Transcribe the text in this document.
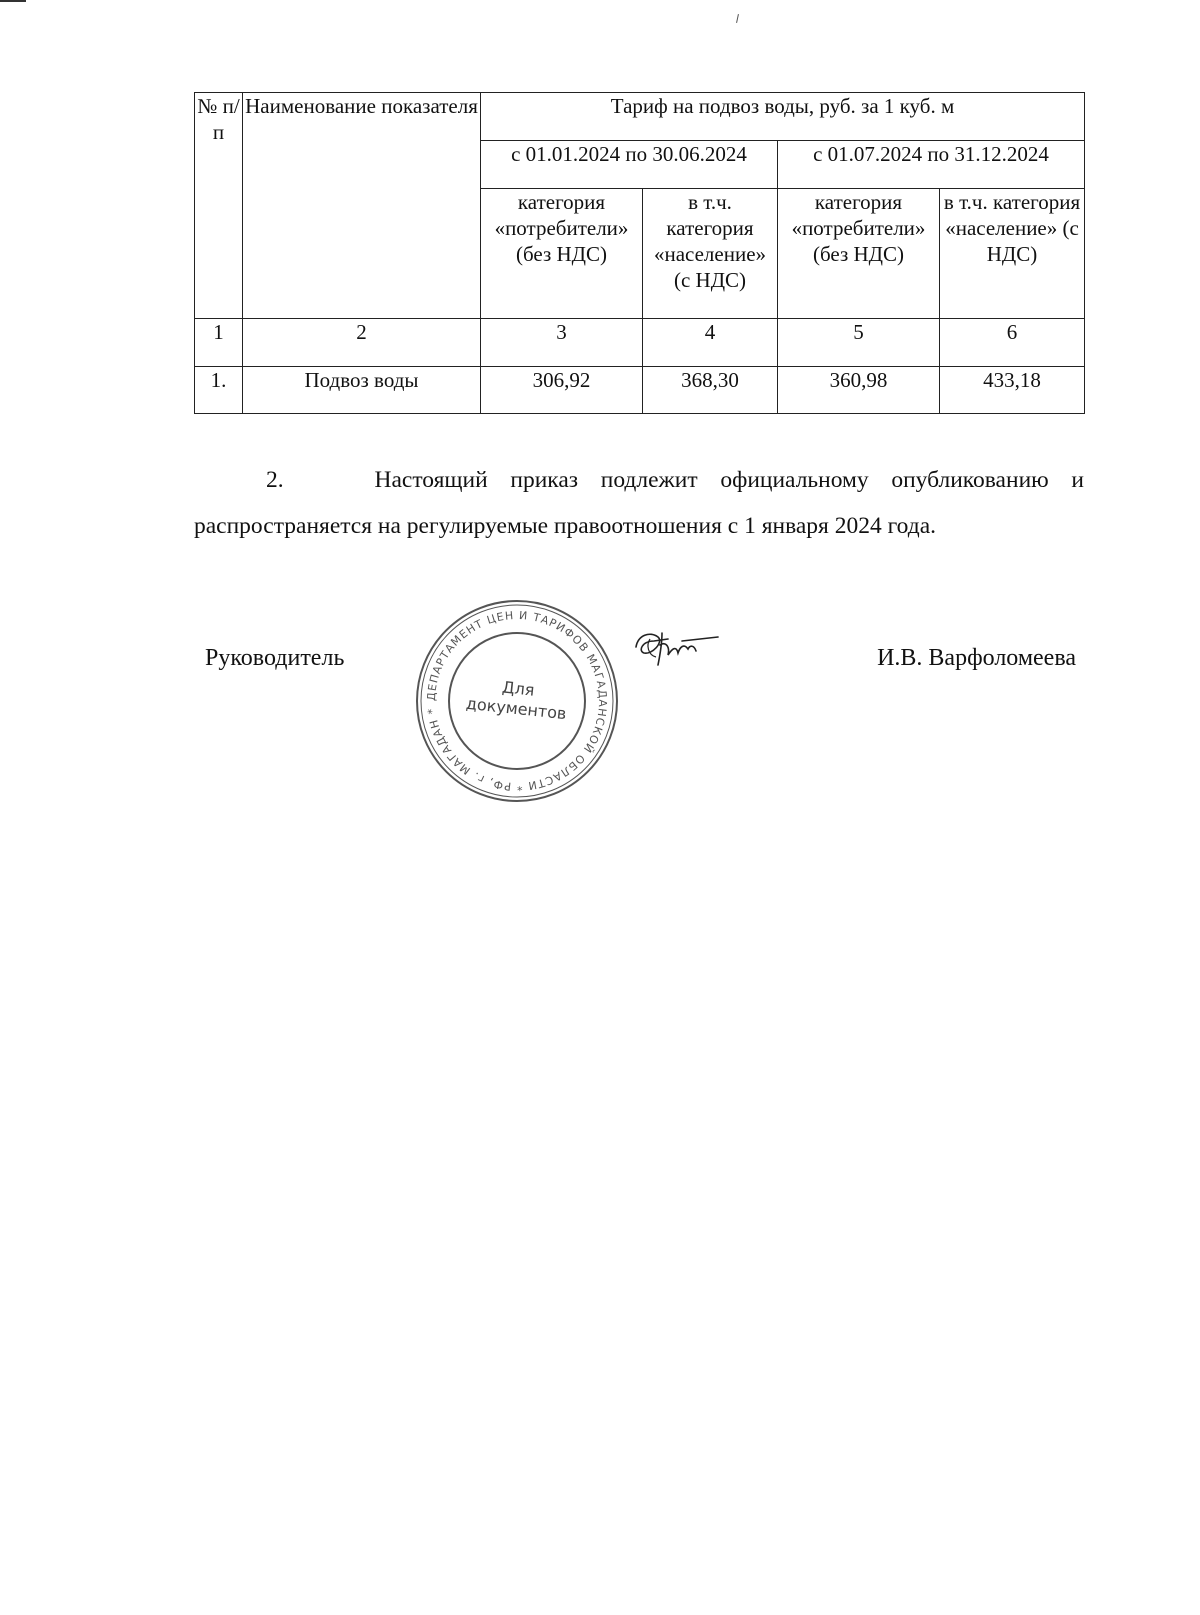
№ п/п	Наименование показателя	Тариф на подвоз воды, руб. за 1 куб. м			
		с 01.01.2024 по 30.06.2024		с 01.07.2024 по 31.12.2024	
		категория «потребители» (без НДС)	в т.ч. категория «население» (с НДС)	категория «потребители» (без НДС)	в т.ч. категория «население» (с НДС)
1	2	3	4	5	6
1.	Подвоз воды	306,92	368,30	360,98	433,18
2.	Настоящий приказ подлежит официальному опубликованию и распространяется на регулируемые правоотношения с 1 января 2024 года.
Руководитель	И.В. Варфоломеева
ДЕПАРТАМЕНТ ЦЕН И ТАРИФОВ МАГАДАНСКОЙ ОБЛАСТИ * РФ, г. МАГАДАН *
Для
документов
